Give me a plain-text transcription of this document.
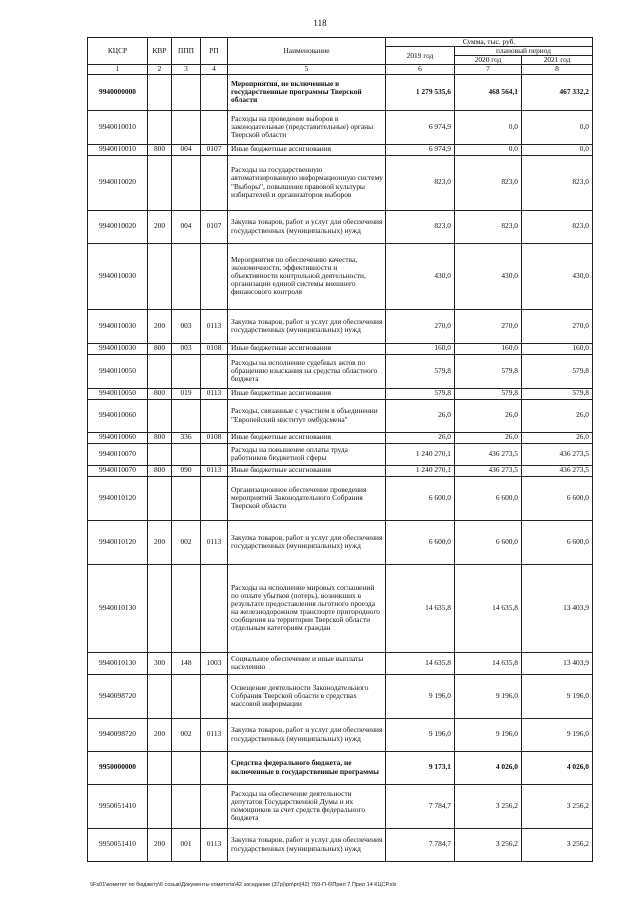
118
КЦСР	КВР	ППП	РП	Наименование	Сумма, тыс. руб.		
					2019 год	плановый период	
						2020 год	2021 год
1	2	3	4	5	6	7	8
9940000000				Мероприятия, не включенные в государственные программы Тверской области	1 279 535,6	468 564,1	467 332,2
9940010010				Расходы на проведение выборов в законодательные (представительные) органы Тверской области	6 974,9	0,0	0,0
9940010010	800	004	0107	Иные бюджетные ассигнования	6 974,9	0,0	0,0
9940010020				Расходы на государственную автоматизированную информационную систему "Выборы", повышение правовой культуры избирателей и организаторов выборов	823,0	823,0	823,0
9940010020	200	004	0107	Закупка товаров, работ и услуг для обеспечения государственных (муниципальных) нужд	823,0	823,0	823,0
9940010030				Мероприятия по обеспечению качества, экономичности, эффективности и объективности контрольной деятельности, организации единой системы внешнего финансового контроля	430,0	430,0	430,0
9940010030	200	003	0113	Закупка товаров, работ и услуг для обеспечения государственных (муниципальных) нужд	270,0	270,0	270,0
9940010030	800	003	0108	Иные бюджетные ассигнования	160,0	160,0	160,0
9940010050				Расходы на исполнение судебных актов по обращению взыскания на средства областного бюджета	579,8	579,8	579,8
9940010050	800	019	0113	Иные бюджетные ассигнования	579,8	579,8	579,8
9940010060				Расходы, связанные с участием в объединении "Европейский институт омбудсмена"	26,0	26,0	26,0
9940010060	800	336	0108	Иные бюджетные ассигнования	26,0	26,0	26,0
9940010070				Расходы на повышение оплаты труда работников бюджетной сферы	1 240 270,1	436 273,5	436 273,5
9940010070	800	090	0113	Иные бюджетные ассигнования	1 240 270,1	436 273,5	436 273,5
9940010120				Организационное обеспечение проведения мероприятий Законодательного Собрания Тверской области	6 600,0	6 600,0	6 600,0
9940010120	200	002	0113	Закупка товаров, работ и услуг для обеспечения государственных (муниципальных) нужд	6 600,0	6 600,0	6 600,0
9940010130				Расходы на исполнение мировых соглашений по оплате убытков (потерь), возникших в результате предоставления льготного проезда на железнодорожном транспорте пригородного сообщения на территории Тверской области отдельным категориям граждан	14 635,8	14 635,8	13 403,9
9940010130	300	148	1003	Социальное обеспечение и иные выплаты населению	14 635,8	14 635,8	13 403,9
9940098720				Освещение деятельности Законодательного Собрания Тверской области в средствах массовой информации	9 196,0	9 196,0	9 196,0
9940098720	200	002	0113	Закупка товаров, работ и услуг для обеспечения государственных (муниципальных) нужд	9 196,0	9 196,0	9 196,0
9950000000				Средства федерального бюджета, не включенные в государственные программы	9 173,1	4 026,0	4 026,0
9950051410				Расходы на обеспечение деятельности депутатов Государственной Думы и их помощников за счет средств федерального бюджета	7 784,7	3 256,2	3 256,2
9950051410	200	001	0113	Закупка товаров, работ и услуг для обеспечения государственных (муниципальных) нужд	7 784,7	3 256,2	3 256,2
\\Fs01\комитет по бюджету\6 созыв\Документы комитета\42 заседание (37р)\рп\рп(42) 769-П-6\Прил 7 Прил 14 КЦСР.xls
